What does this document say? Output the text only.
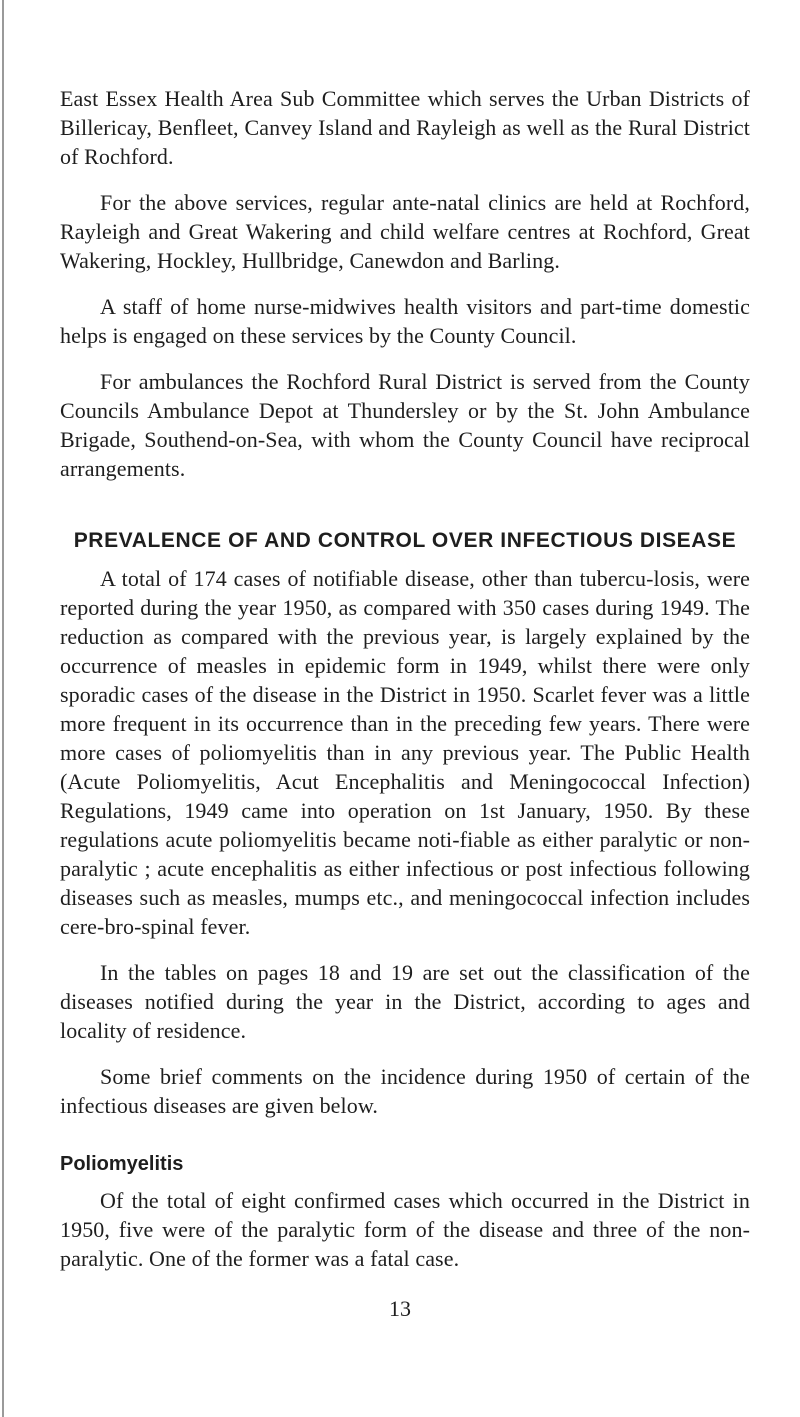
East Essex Health Area Sub Committee which serves the Urban Districts of Billericay, Benfleet, Canvey Island and Rayleigh as well as the Rural District of Rochford.

For the above services, regular ante-natal clinics are held at Rochford, Rayleigh and Great Wakering and child welfare centres at Rochford, Great Wakering, Hockley, Hullbridge, Canewdon and Barling.

A staff of home nurse-midwives health visitors and part-time domestic helps is engaged on these services by the County Council.

For ambulances the Rochford Rural District is served from the County Councils Ambulance Depot at Thundersley or by the St. John Ambulance Brigade, Southend-on-Sea, with whom the County Council have reciprocal arrangements.

PREVALENCE OF AND CONTROL OVER INFECTIOUS DISEASE

A total of 174 cases of notifiable disease, other than tubercu-losis, were reported during the year 1950, as compared with 350 cases during 1949. The reduction as compared with the previous year, is largely explained by the occurrence of measles in epidemic form in 1949, whilst there were only sporadic cases of the disease in the District in 1950. Scarlet fever was a little more frequent in its occurrence than in the preceding few years. There were more cases of poliomyelitis than in any previous year. The Public Health (Acute Poliomyelitis, Acut Encephalitis and Meningococcal Infection) Regulations, 1949 came into operation on 1st January, 1950. By these regulations acute poliomyelitis became noti-fiable as either paralytic or non-paralytic ; acute encephalitis as either infectious or post infectious following diseases such as measles, mumps etc., and meningococcal infection includes cere-bro-spinal fever.

In the tables on pages 18 and 19 are set out the classification of the diseases notified during the year in the District, according to ages and locality of residence.

Some brief comments on the incidence during 1950 of certain of the infectious diseases are given below.

Poliomyelitis

Of the total of eight confirmed cases which occurred in the District in 1950, five were of the paralytic form of the disease and three of the non-paralytic. One of the former was a fatal case.

13
